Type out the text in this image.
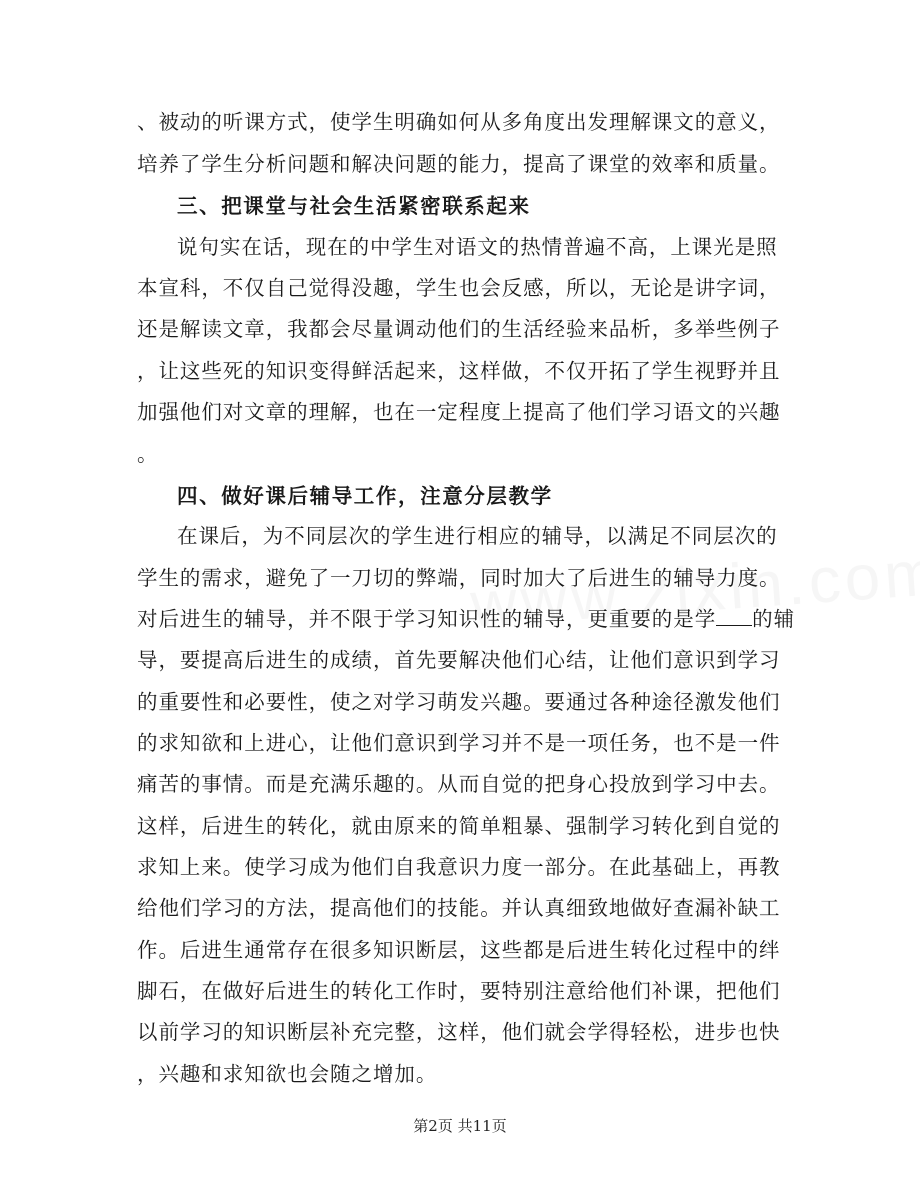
、被动的听课方式，使学生明确如何从多角度出发理解课文的意义，
培养了学生分析问题和解决问题的能力，提高了课堂的效率和质量。
三、把课堂与社会生活紧密联系起来
说句实在话，现在的中学生对语文的热情普遍不高，上课光是照
本宣科，不仅自己觉得没趣，学生也会反感，所以，无论是讲字词，
还是解读文章，我都会尽量调动他们的生活经验来品析，多举些例子
，让这些死的知识变得鲜活起来，这样做，不仅开拓了学生视野并且
加强他们对文章的理解，也在一定程度上提高了他们学习语文的兴趣
。
四、做好课后辅导工作，注意分层教学
在课后，为不同层次的学生进行相应的辅导，以满足不同层次的
学生的需求，避免了一刀切的弊端，同时加大了后进生的辅导力度。
对后进生的辅导，并不限于学习知识性的辅导，更重要的是学 的辅
导，要提高后进生的成绩，首先要解决他们心结，让他们意识到学习
的重要性和必要性，使之对学习萌发兴趣。要通过各种途径激发他们
的求知欲和上进心，让他们意识到学习并不是一项任务，也不是一件
痛苦的事情。而是充满乐趣的。从而自觉的把身心投放到学习中去。
这样，后进生的转化，就由原来的简单粗暴、强制学习转化到自觉的
求知上来。使学习成为他们自我意识力度一部分。在此基础上，再教
给他们学习的方法，提高他们的技能。并认真细致地做好查漏补缺工
作。后进生通常存在很多知识断层，这些都是后进生转化过程中的绊
脚石，在做好后进生的转化工作时，要特别注意给他们补课，把他们
以前学习的知识断层补充完整，这样，他们就会学得轻松，进步也快
，兴趣和求知欲也会随之增加。
第2页 共11页
